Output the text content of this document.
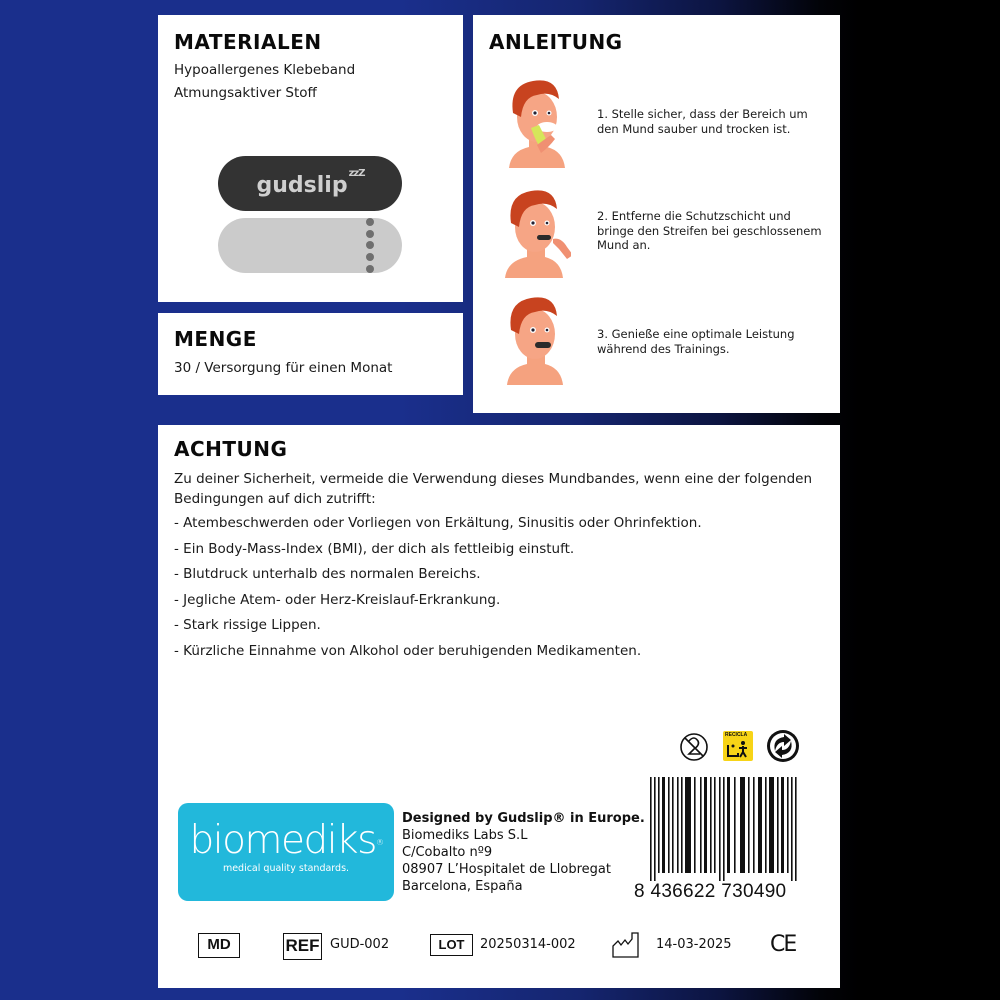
MATERIALEN
Hypoallergenes Klebeband
Atmungsaktiver Stoff
gudslip zzZ
MENGE
30 / Versorgung für einen Monat
ANLEITUNG
1. Stelle sicher, dass der Bereich um den Mund sauber und trocken ist.
2. Entferne die Schutzschicht und bringe den Streifen bei geschlossenem Mund an.
3. Genieße eine optimale Leistung während des Trainings.
ACHTUNG
Zu deiner Sicherheit, vermeide die Verwendung dieses Mundbandes, wenn eine der folgenden Bedingungen auf dich zutrifft:
- Atembeschwerden oder Vorliegen von Erkältung, Sinusitis oder Ohrinfektion.
- Ein Body-Mass-Index (BMI), der dich als fettleibig einstuft.
- Blutdruck unterhalb des normalen Bereichs.
- Jegliche Atem- oder Herz-Kreislauf-Erkrankung.
- Stark rissige Lippen.
- Kürzliche Einnahme von Alkohol oder beruhigenden Medikamenten.
RECICLA
8 436622 730490
biomediks®
medical quality standards.
Designed by Gudslip® in Europe.
Biomediks Labs S.L
C/Cobalto nº9
08907 L’Hospitalet de Llobregat
Barcelona, España
MD	REF GUD-002	LOT	20250314-002	14-03-2025 CE
